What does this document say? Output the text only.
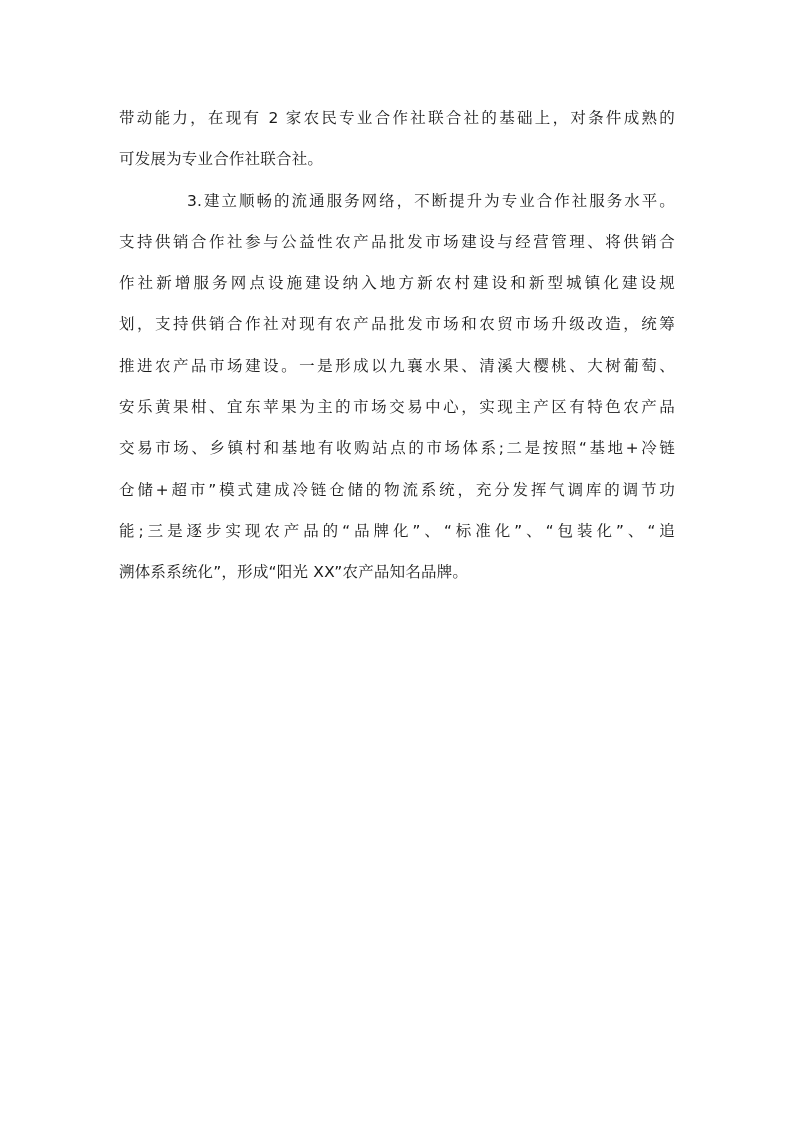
带动能力，在现有 2 家农民专业合作社联合社的基础上，对条件成熟的
可发展为专业合作社联合社。
3.建立顺畅的流通服务网络，不断提升为专业合作社服务水平。
支持供销合作社参与公益性农产品批发市场建设与经营管理、将供销合
作社新增服务网点设施建设纳入地方新农村建设和新型城镇化建设规
划，支持供销合作社对现有农产品批发市场和农贸市场升级改造，统筹
推进农产品市场建设。一是形成以九襄水果、清溪大樱桃、大树葡萄、
安乐黄果柑、宜东苹果为主的市场交易中心，实现主产区有特色农产品
交易市场、乡镇村和基地有收购站点的市场体系;二是按照“基地+冷链
仓储+超市”模式建成冷链仓储的物流系统，充分发挥气调库的调节功
能;三是逐步实现农产品的“品牌化”、“标准化”、“包装化”、“追
溯体系系统化”，形成“阳光 XX”农产品知名品牌。
